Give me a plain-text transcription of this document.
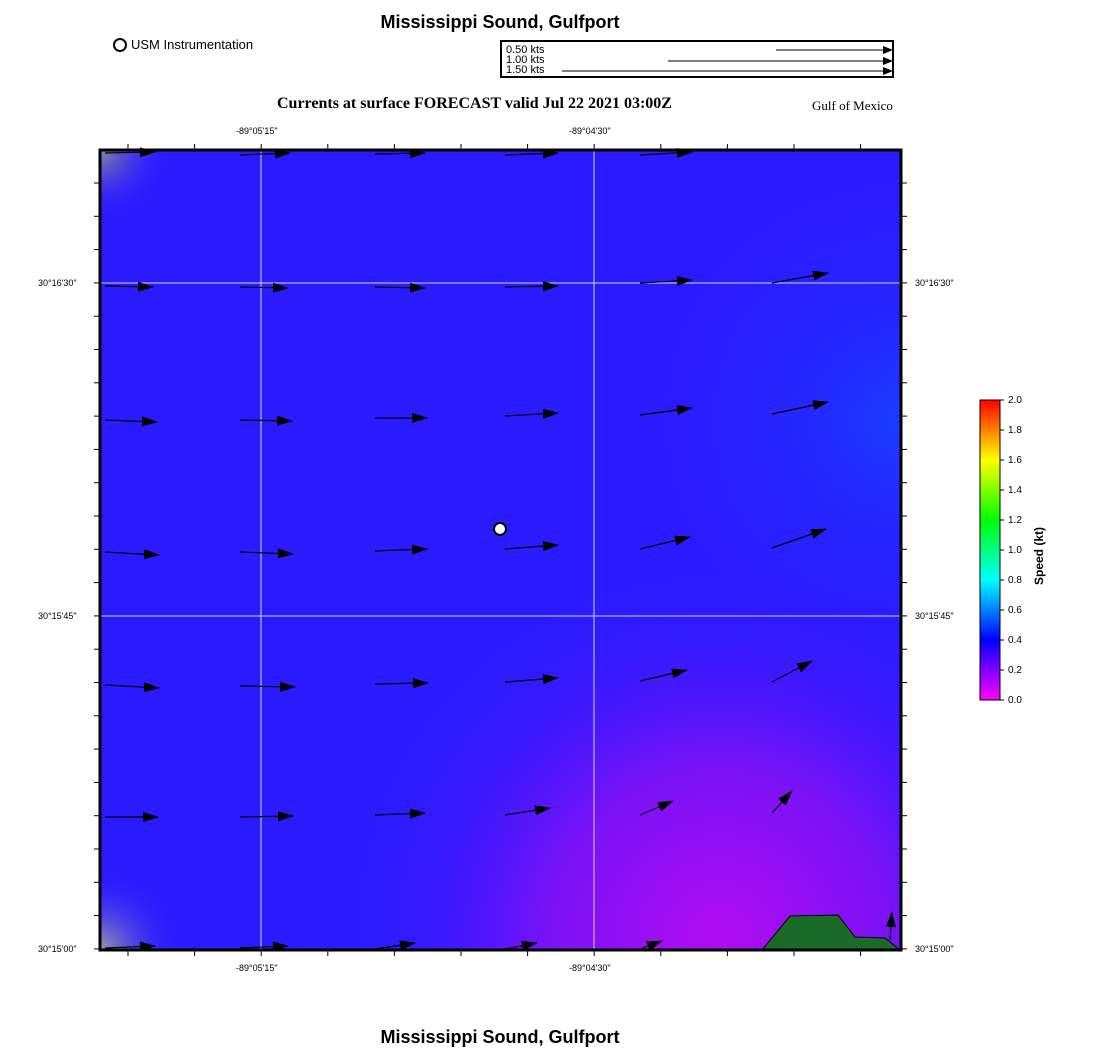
Mississippi Sound, Gulfport
USM Instrumentation	0.50 kts
1.00 kts
1.50 kts
Currents at surface FORECAST valid Jul 22 2021 03:00Z	Gulf of Mexico
-89°05'15"	-89°04'30"
-89°05'15"	-89°04'30"
30°16'30"
30°15'45"
30°15'00"
30°16'30"
30°15'45"
30°15'00"
2.0
1.8
1.6
1.4
1.2
1.0
0.8
0.6
0.4
0.2
0.0
Speed (kt)
Mississippi Sound, Gulfport
